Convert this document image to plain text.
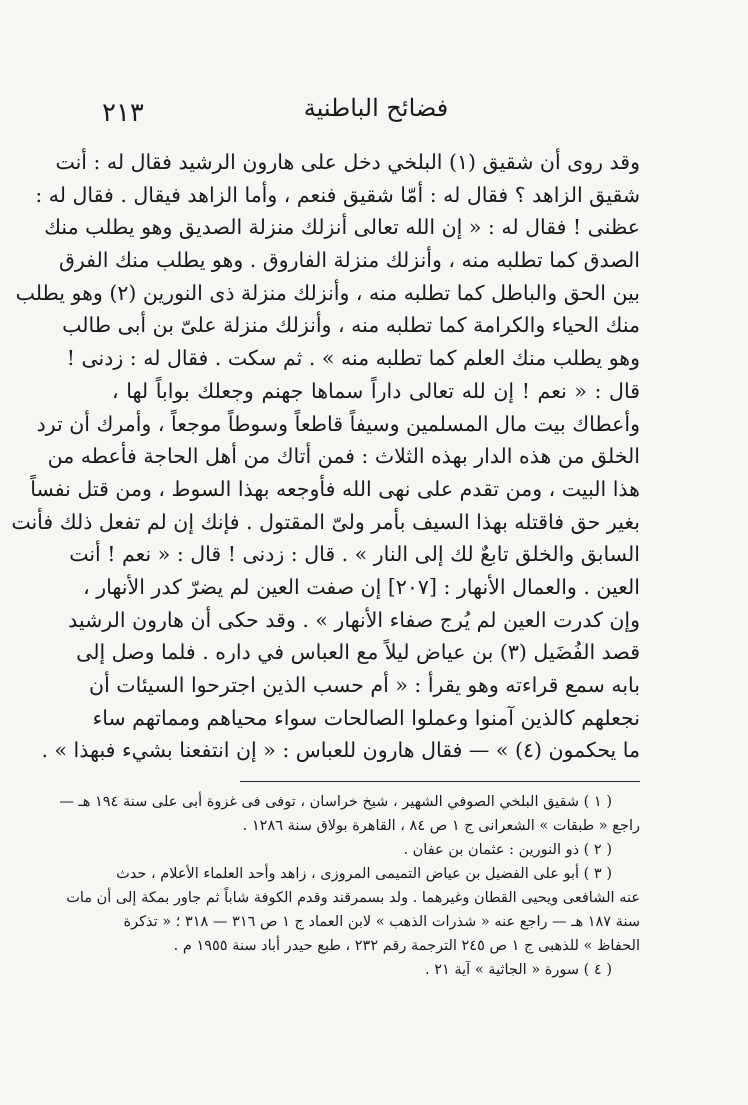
فضائح الباطنية
٢١٣
وقد روى أن شقيق (١) البلخي دخل على هارون الرشيد فقال له : أنت
شقيق الزاهد ؟ فقال له : أمّا شقيق فنعم ، وأما الزاهد فيقال . فقال له :
عظنى ! فقال له : « إن الله تعالى أنزلك منزلة الصديق وهو يطلب منك
الصدق كما تطلبه منه ، وأنزلك منزلة الفاروق . وهو يطلب منك الفرق
بين الحق والباطل كما تطلبه منه ، وأنزلك منزلة ذى النورين (٢) وهو يطلب
منك الحياء والكرامة كما تطلبه منه ، وأنزلك منزلة علىّ بن أبى طالب
وهو يطلب منك العلم كما تطلبه منه » . ثم سكت . فقال له : زدنى !
قال : « نعم ! إن لله تعالى داراً سماها جهنم وجعلك بواباً لها ،
وأعطاك بيت مال المسلمين وسيفاً قاطعاً وسوطاً موجعاً ، وأمرك أن ترد
الخلق من هذه الدار بهذه الثلاث : فمن أتاك من أهل الحاجة فأعطه من
هذا البيت ، ومن تقدم على نهى الله فأوجعه بهذا السوط ، ومن قتل نفساً
بغير حق فاقتله بهذا السيف بأمر ولىّ المقتول . فإنك إن لم تفعل ذلك فأنت
السابق والخلق تابعٌ لك إلى النار » . قال : زدنى ! قال : « نعم ! أنت
العين . والعمال الأنهار : [٢٠٧] إن صفت العين لم يضرّ كدر الأنهار ،
وإن كدرت العين لم يُرج صفاء الأنهار » . وقد حكى أن هارون الرشيد
قصد الفُضَيل (٣) بن عياض ليلاً مع العباس في داره . فلما وصل إلى
بابه سمع قراءته وهو يقرأ : « أم حسب الذين اجترحوا السيئات أن
نجعلهم كالذين آمنوا وعملوا الصالحات سواء محياهم ومماتهم ساء
ما يحكمون (٤) » — فقال هارون للعباس : « إن انتفعنا بشيء فبهذا » .
( ١ ) شقيق البلخي الصوفي الشهير ، شيخ خراسان ، توفى فى غزوة أبى على سنة ١٩٤ هـ —
راجع « طبقات » الشعرانى ج ١ ص ٨٤ ، القاهرة بولاق سنة ١٢٨٦ .
( ٢ ) ذو النورين : عثمان بن عفان .
( ٣ ) أبو على الفضيل بن عياض التميمى المروزى ، زاهد وأحد العلماء الأعلام ، حدث
عنه الشافعى ويحيى القطان وغيرهما . ولد بسمرقند وقدم الكوفة شاباً ثم جاور بمكة إلى أن مات
سنة ١٨٧ هـ — راجع عنه « شذرات الذهب » لابن العماد ج ١ ص ٣١٦ — ٣١٨ ؛ « تذكرة
الحفاظ » للذهبى ج ١ ص ٢٤٥ الترجمة رقم ٢٣٢ ، طبع حيدر أباد سنة ١٩٥٥ م .
( ٤ ) سورة « الجاثية » آية ٢١ .
